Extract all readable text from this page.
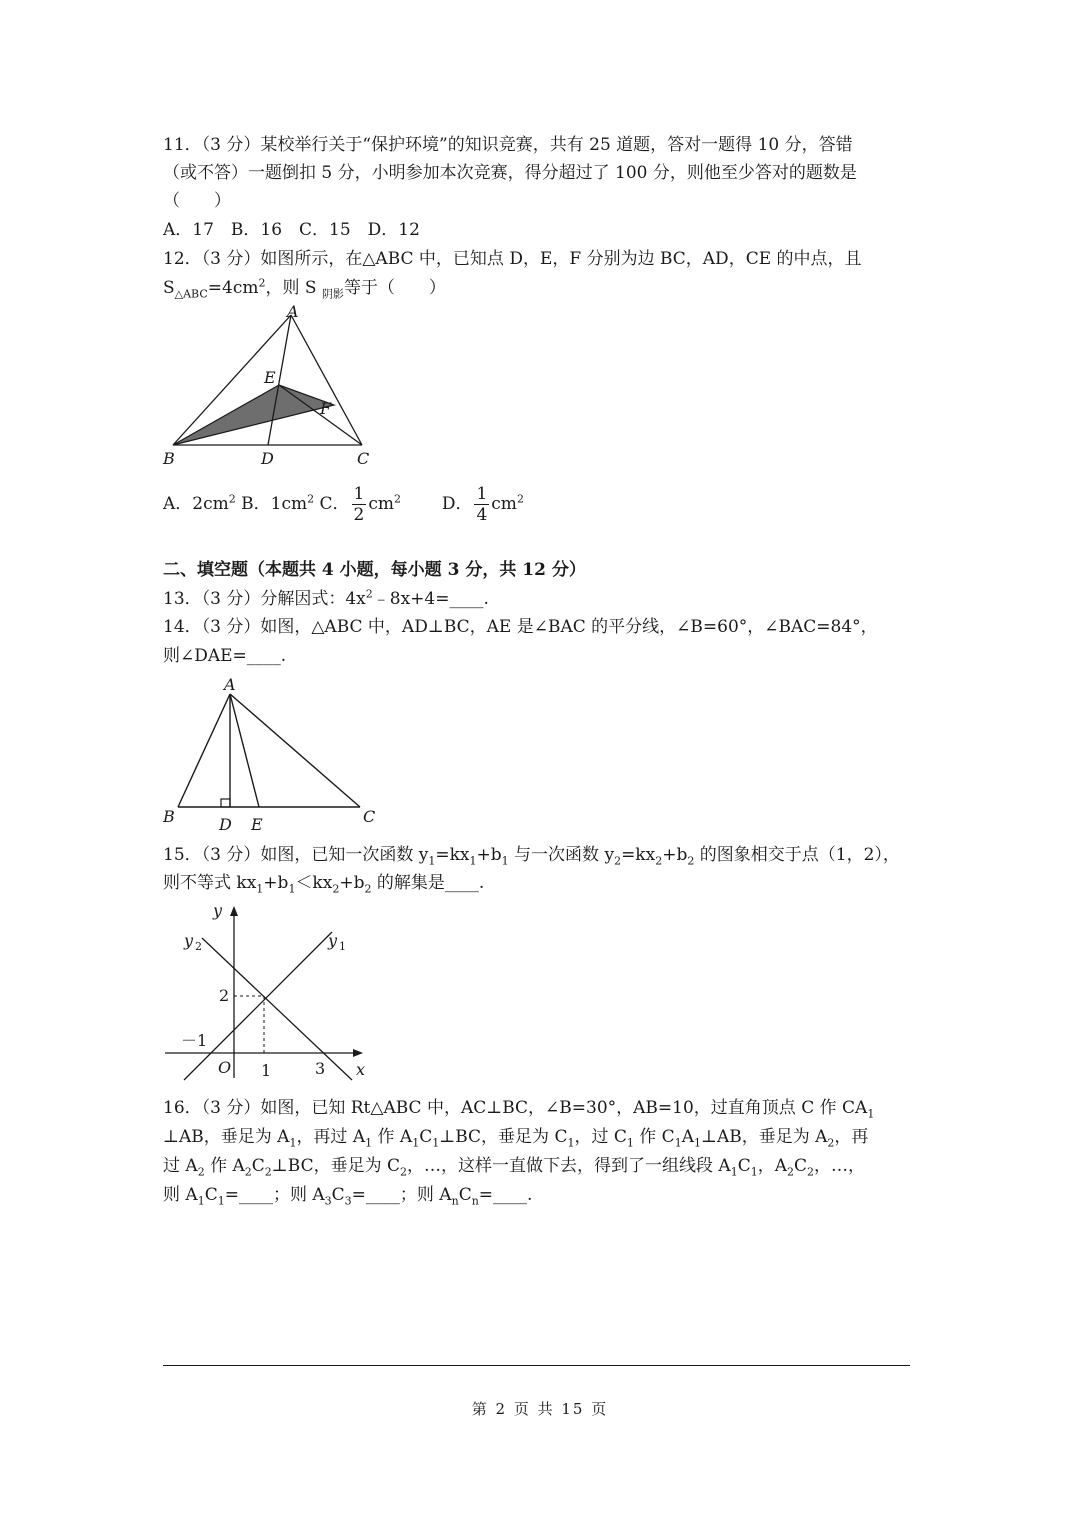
11．（3 分）某校举行关于“保护环境”的知识竞赛，共有 25 道题，答对一题得 10 分，答错
（或不答）一题倒扣 5 分，小明参加本次竞赛，得分超过了 100 分，则他至少答对的题数是
（　　）
A．17　B．16　C．15　D．12
12．（3 分）如图所示，在△ABC 中，已知点 D，E，F 分别为边 BC，AD，CE 的中点，且
$S_{\triangle ABC}=4cm^2$，则 S $_{阴影}$等于（　　）
A
B	C
D
E
F
A．$2cm^2$ B．$1cm^2$ C． $\frac{1}{2} cm^2$ D． $\frac{1}{4} cm^2$
二、填空题（本题共 4 小题，每小题 3 分，共 12 分）
13．（3 分）分解因式：$4x^2﹣8x+4=\_\_\_\_$.
14．（3 分）如图，△ABC 中，AD⊥BC，AE 是∠BAC 的平分线，∠B=60°，∠BAC=84°，
则∠DAE=____.
A
B	C
D E
15．（3 分）如图，已知一次函数 $y_1=kx_1+b_1$ 与一次函数 $y_2=kx_2+b_2$ 的图象相交于点（1，2），
则不等式 $kx_1+b_1<kx_2+b_2$ 的解集是____.
y
x
y 1
y 2
O
2
1	3
－1
16．（3 分）如图，已知 Rt△ABC 中，AC⊥BC，∠B=30°，AB=10，过直角顶点 C 作 $CA_1$
⊥AB，垂足为 $A_1$，再过 $A_1$ 作 $A_1C_1\perp BC$，垂足为 $C_1$，过 $C_1$ 作 $C_1A_1\perp AB$，垂足为 $A_2$，再
过 $A_2$ 作 $A_2C_2\perp BC$，垂足为 $C_2$，…，这样一直做下去，得到了一组线段 $A_1C_1$，$A_2C_2$，…，
则 $A_1C_1=\_\_\_\_$；则 $A_3C_3=\_\_\_\_$；则 $A_nC_n=\_\_\_\_$.
第 2 页 共 15 页
